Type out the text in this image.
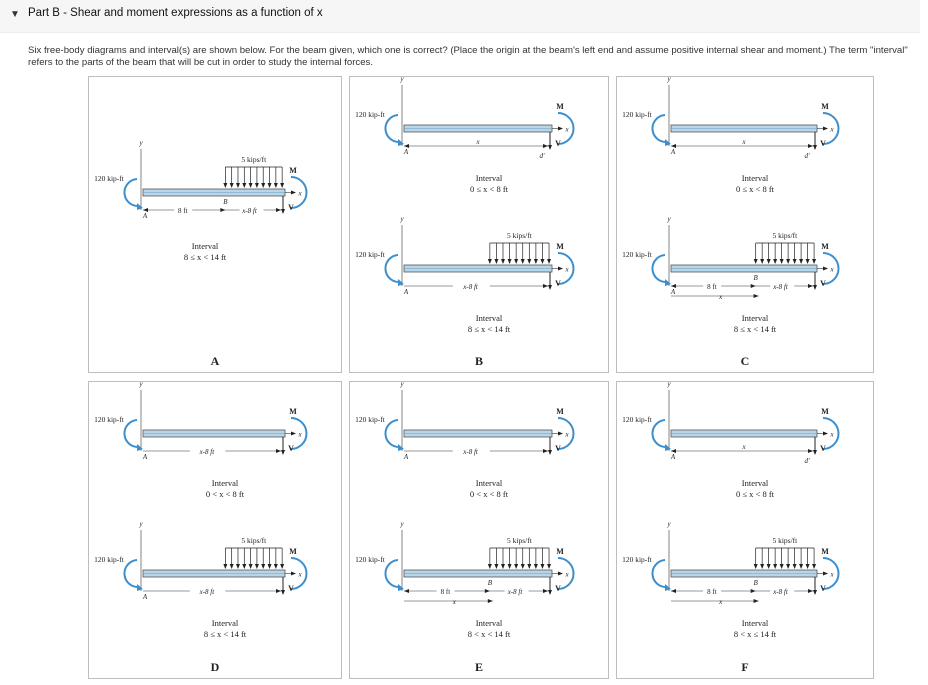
▼ Part B - Shear and moment expressions as a function of x
Six free-body diagrams and interval(s) are shown below. For the beam given, which one is correct? (Place the origin at the beam's left end and assume positive internal shear and moment.) The term "interval" refers to the parts of the beam that will be cut in order to study the internal forces.
y
120 kip-ft
x
M
V
5 kips/ft
A
B
8 ft	x-8 ft
Interval
8 ≤ x < 14 ft
A
y
120 kip-ft
x
M
V
A	d'
x
Interval
0 ≤ x < 8 ft
y
120 kip-ft
x
M
V
5 kips/ft
A
x-8 ft
Interval
8 ≤ x < 14 ft
B
y
120 kip-ft
x
M
V
A	d'
x
Interval
0 ≤ x < 8 ft
y
120 kip-ft
x
M
V
5 kips/ft
A
B
8 ft	x-8 ft
x
Interval
8 ≤ x < 14 ft
C
y
120 kip-ft
x
M
V
A
x-8 ft
Interval
0 < x < 8 ft
y
120 kip-ft
x
M
V
5 kips/ft
A
x-8 ft
Interval
8 ≤ x < 14 ft
D
y
120 kip-ft
x
M
V
A
x-8 ft
Interval
0 < x < 8 ft
y
120 kip-ft
x
M
V
5 kips/ft
B
8 ft	x-8 ft
x
Interval
8 < x < 14 ft
E
y
120 kip-ft
x
M
V
A	d'
x
Interval
0 ≤ x < 8 ft
y
120 kip-ft
x
M
V
5 kips/ft
B
8 ft	x-8 ft
x
Interval
8 < x ≤ 14 ft
F
